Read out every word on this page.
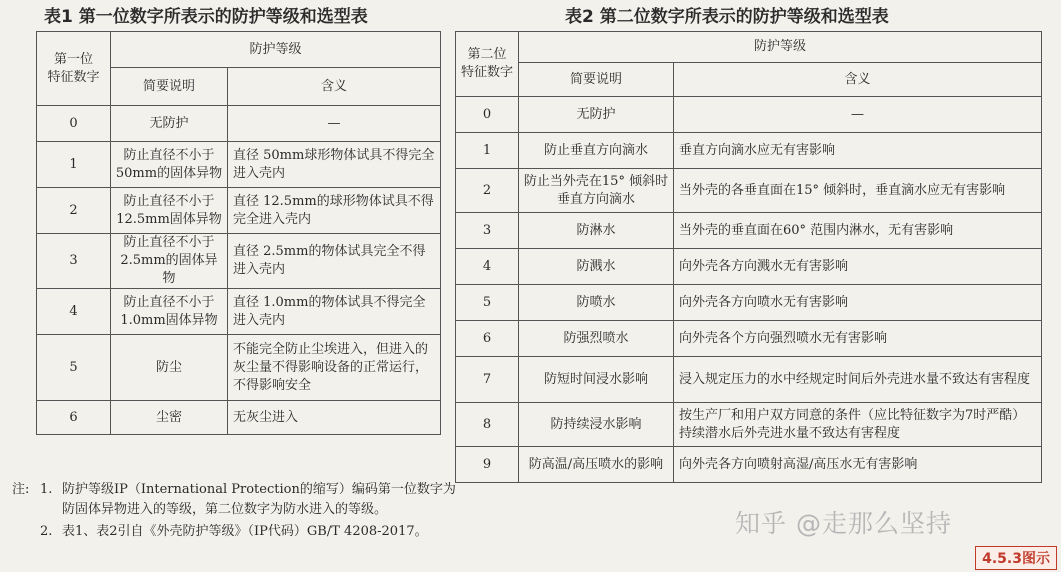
表1 第一位数字所表示的防护等级和选型表	表2 第二位数字所表示的防护等级和选型表
第一位
特征数字	防护等级	
	简要说明	含义
0	无防护	—
1	防止直径不小于50mm的固体异物	直径 50mm球形物体试具不得完全进入壳内
2	防止直径不小于12.5mm固体异物	直径 12.5mm的球形物体试具不得完全进入壳内
3	防止直径不小于2.5mm的固体异物	直径 2.5mm的物体试具完全不得进入壳内
4	防止直径不小于1.0mm固体异物	直径 1.0mm的物体试具不得完全进入壳内
5	防尘	不能完全防止尘埃进入，但进入的灰尘量不得影响设备的正常运行，不得影响安全
6	尘密	无灰尘进入
第二位
特征数字	防护等级	
	简要说明	含义
0	无防护	—
1	防止垂直方向滴水	垂直方向滴水应无有害影响
2	防止当外壳在15° 倾斜时垂直方向滴水	当外壳的各垂直面在15° 倾斜时，垂直滴水应无有害影响
3	防淋水	当外壳的垂直面在60° 范围内淋水，无有害影响
4	防溅水	向外壳各方向溅水无有害影响
5	防喷水	向外壳各方向喷水无有害影响
6	防强烈喷水	向外壳各个方向强烈喷水无有害影响
7	防短时间浸水影响	浸入规定压力的水中经规定时间后外壳进水量不致达有害程度
8	防持续浸水影响	按生产厂和用户双方同意的条件（应比特征数字为7时严酷）持续潜水后外壳进水量不致达有害程度
9	防高温/高压喷水的影响	向外壳各方向喷射高湿/高压水无有害影响
注: 1. 防护等级IP（International Protection的缩写）编码第一位数字为防固体异物进入的等级，第二位数字为防水进入的等级。
2. 表1、表2引自《外壳防护等级》（IP代码）GB/T 4208-2017。	知乎 @走那么坚持
4.5.3图示
